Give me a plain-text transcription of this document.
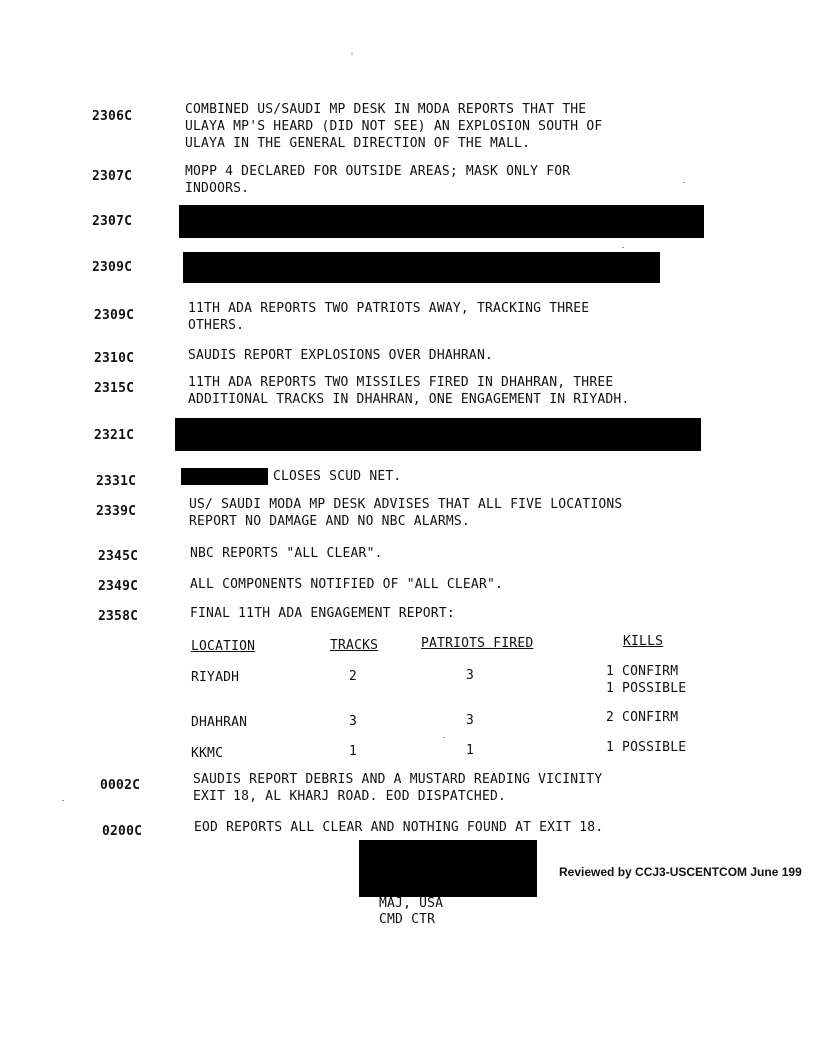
2306C	COMBINED US/SAUDI MP DESK IN MODA REPORTS THAT THE
ULAYA MP'S HEARD (DID NOT SEE) AN EXPLOSION SOUTH OF
ULAYA IN THE GENERAL DIRECTION OF THE MALL.
2307C	MOPP 4 DECLARED FOR OUTSIDE AREAS; MASK ONLY FOR
INDOORS.
2307C
2309C
2309C	11TH ADA REPORTS TWO PATRIOTS AWAY, TRACKING THREE
OTHERS.
2310C	SAUDIS REPORT EXPLOSIONS OVER DHAHRAN.
2315C	11TH ADA REPORTS TWO MISSILES FIRED IN DHAHRAN, THREE
ADDITIONAL TRACKS IN DHAHRAN, ONE ENGAGEMENT IN RIYADH.
2321C
2331C	CLOSES SCUD NET.
2339C	US/ SAUDI MODA MP DESK ADVISES THAT ALL FIVE LOCATIONS
REPORT NO DAMAGE AND NO NBC ALARMS.
2345C	NBC REPORTS "ALL CLEAR".
2349C	ALL COMPONENTS NOTIFIED OF "ALL CLEAR".
2358C	FINAL 11TH ADA ENGAGEMENT REPORT:
LOCATION	TRACKS	PATRIOTS FIRED	KILLS
RIYADH	2	3	1 CONFIRM
1 POSSIBLE
DHAHRAN	3	3	2 CONFIRM
KKMC	1	1	1 POSSIBLE
0002C	SAUDIS REPORT DEBRIS AND A MUSTARD READING VICINITY
EXIT 18, AL KHARJ ROAD. EOD DISPATCHED.
0200C	EOD REPORTS ALL CLEAR AND NOTHING FOUND AT EXIT 18.
MAJ, USA
CMD CTR
Reviewed by CCJ3-USCENTCOM June 199
